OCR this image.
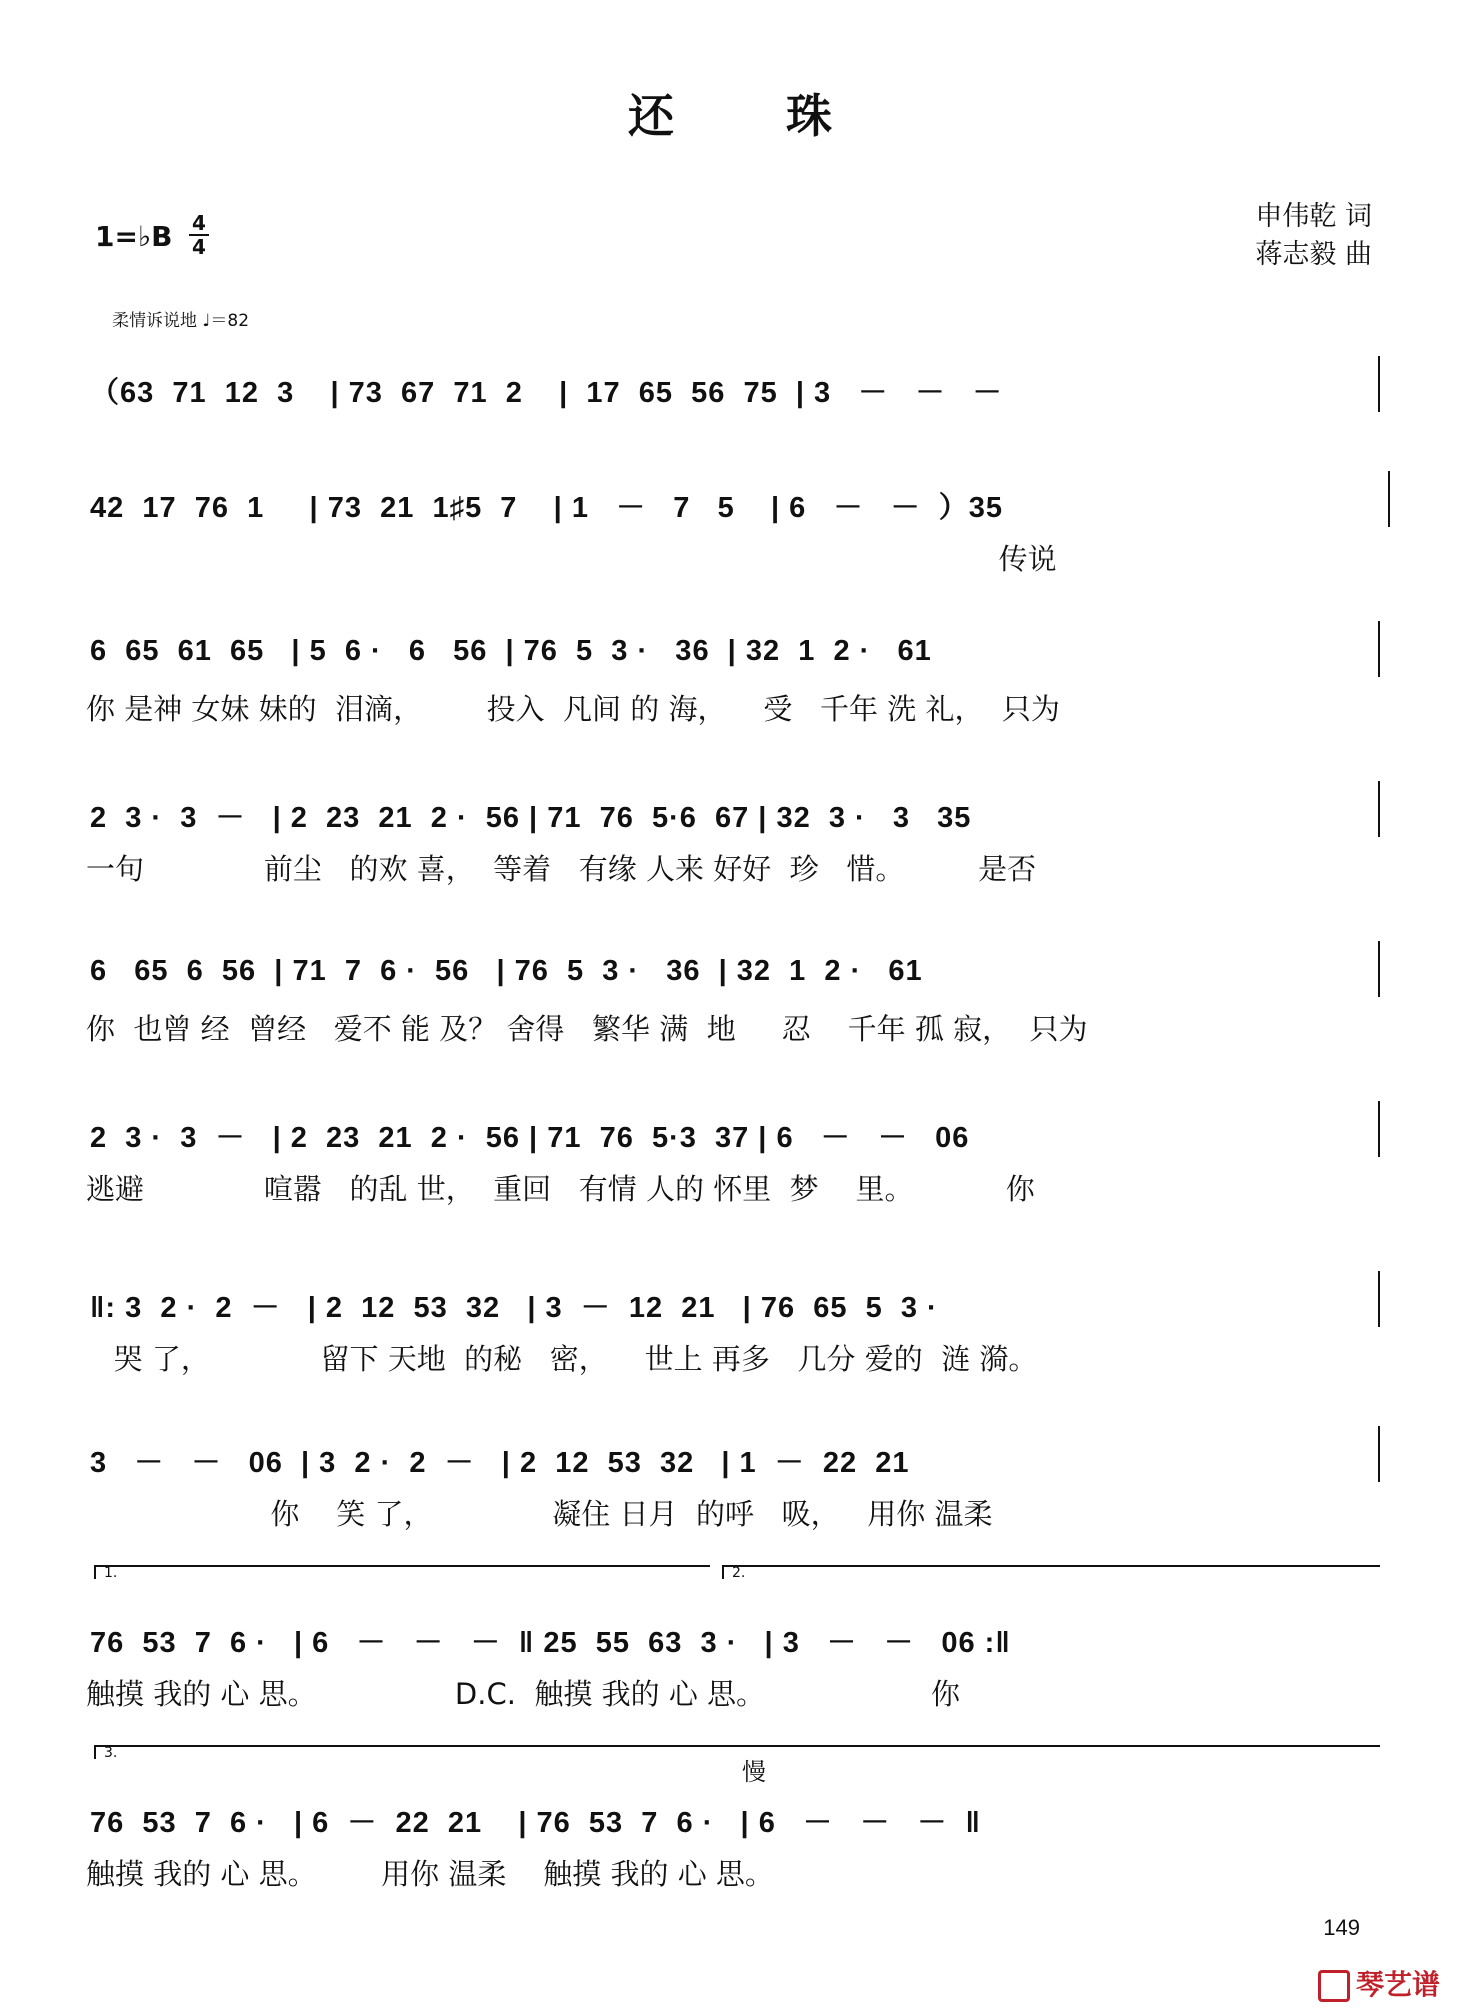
还 珠
1=♭B 4
4
申伟乾 词
蒋志毅 曲
柔情诉说地 ♩＝82
（63  71  12  3    | 73  67  71  2    |  17  65  56  75  | 3   －   －   －
42  17  76  1     | 73  21  1♯5  7    | 1   －   7   5    | 6   －   －  ）35
传说
6  65  61  65   | 5  6 ·   6   56  | 76  5  3 ·   36  | 32  1  2 ·   61
你 是神 女妹 妹的  泪滴，       投入  凡间 的 海，    受   千年 洗 礼，  只为
2  3 ·  3  －   | 2  23  21  2 ·  56 | 71  76  5·6  67 | 32  3 ·   3   35
一句             前尘   的欢 喜，  等着   有缘 人来 好好  珍   惜。        是否
6   65  6  56  | 71  7  6 ·  56   | 76  5  3 ·   36  | 32  1  2 ·   61
你  也曾 经  曾经   爱不 能 及？ 舍得   繁华 满  地     忍    千年 孤 寂，  只为
2  3 ·  3  －   | 2  23  21  2 ·  56 | 71  76  5·3  37 | 6   －   －   06
逃避             喧嚣   的乱 世，  重回   有情 人的 怀里  梦    里。          你
‖: 3  2 ·  2  －   | 2  12  53  32   | 3  －  12  21   | 76  65  5  3 ·
哭 了，            留下 天地  的秘   密，    世上 再多   几分 爱的  涟 漪。
3   －   －   06  | 3  2 ·  2  －   | 2  12  53  32   | 1  －  22  21
你    笑 了，             凝住 日月  的呼   吸，   用你 温柔
1.	2.
76  53  7  6 ·   | 6   －   －   －  ‖ 25  55  63  3 ·   | 3   －   －   06 :‖
触摸 我的 心 思。               D.C.  触摸 我的 心 思。                  你
3.
慢
76  53  7  6 ·   | 6  －  22  21    | 76  53  7  6 ·   | 6   －   －   －  ‖
触摸 我的 心 思。       用你 温柔    触摸 我的 心 思。
149
琴艺谱
